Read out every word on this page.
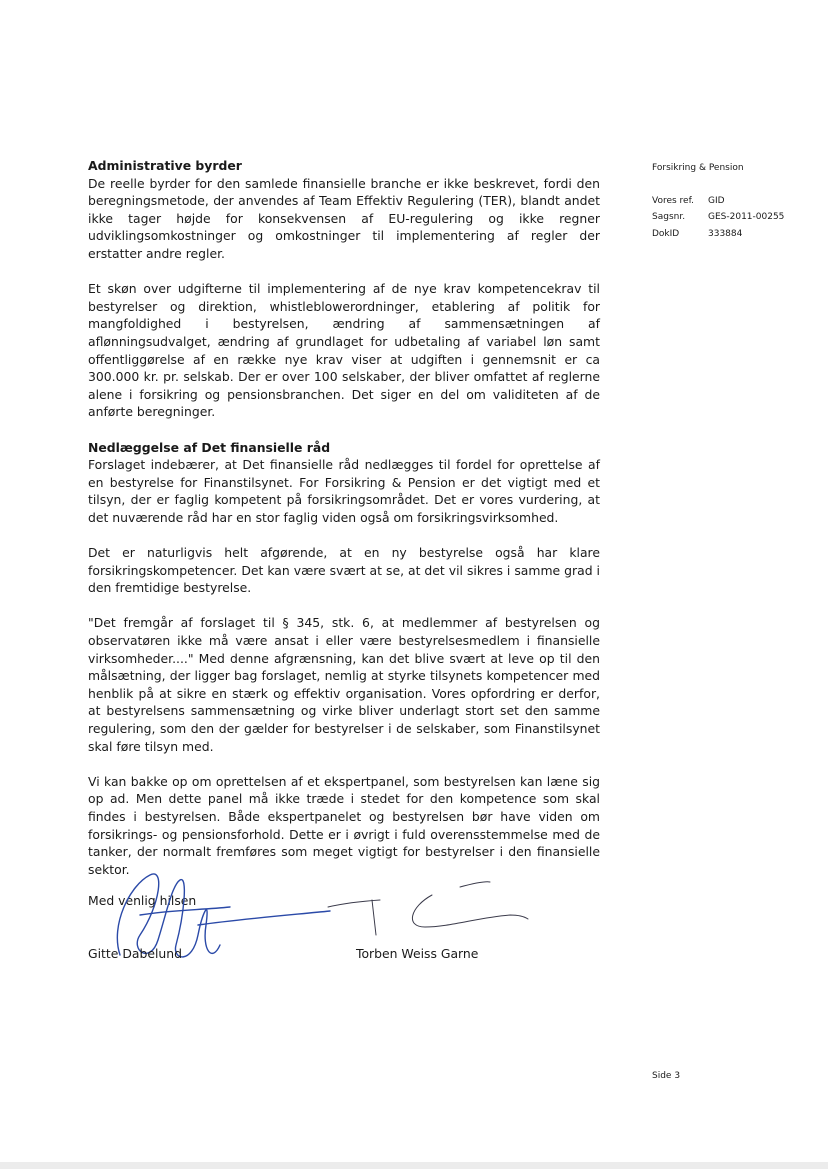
Administrative byrder

De reelle byrder for den samlede finansielle branche er ikke beskrevet, fordi den beregningsmetode, der anvendes af Team Effektiv Regulering (TER), blandt andet ikke tager højde for konsekvensen af EU-regulering og ikke regner udviklingsomkostninger og omkostninger til implementering af regler der erstatter andre regler.

Et skøn over udgifterne til implementering af de nye krav kompetencekrav til bestyrelser og direktion, whistleblowerordninger, etablering af politik for mangfoldighed i bestyrelsen, ændring af sammensætningen af aflønningsudvalget, ændring af grundlaget for udbetaling af variabel løn samt offentliggørelse af en række nye krav viser at udgiften i gennemsnit er ca 300.000 kr. pr. selskab. Der er over 100 selskaber, der bliver omfattet af reglerne alene i forsikring og pensionsbranchen. Det siger en del om validiteten af de anførte beregninger.

Nedlæggelse af Det finansielle råd

Forslaget indebærer, at Det finansielle råd nedlægges til fordel for oprettelse af en bestyrelse for Finanstilsynet. For Forsikring & Pension er det vigtigt med et tilsyn, der er faglig kompetent på forsikringsområdet. Det er vores vurdering, at det nuværende råd har en stor faglig viden også om forsikringsvirksomhed.

Det er naturligvis helt afgørende, at en ny bestyrelse også har klare forsikringskompetencer. Det kan være svært at se, at det vil sikres i samme grad i den fremtidige bestyrelse.

"Det fremgår af forslaget til § 345, stk. 6, at medlemmer af bestyrelsen og observatøren ikke må være ansat i eller være bestyrelsesmedlem i finansielle virksomheder...." Med denne afgrænsning, kan det blive svært at leve op til den målsætning, der ligger bag forslaget, nemlig at styrke tilsynets kompetencer med henblik på at sikre en stærk og effektiv organisation. Vores opfordring er derfor, at bestyrelsens sammensætning og virke bliver underlagt stort set den samme regulering, som den der gælder for bestyrelser i de selskaber, som Finanstilsynet skal føre tilsyn med.

Vi kan bakke op om oprettelsen af et ekspertpanel, som bestyrelsen kan læne sig op ad. Men dette panel må ikke træde i stedet for den kompetence som skal findes i bestyrelsen. Både ekspertpanelet og bestyrelsen bør have viden om forsikrings- og pensionsforhold. Dette er i øvrigt i fuld overensstemmelse med de tanker, der normalt fremføres som meget vigtigt for bestyrelser i den finansielle sektor.

Forsikring & Pension
Vores ref.	GID
Sagsnr.	GES-2011-00255
DokID	333884
Med venlig hilsen
Gitte Dabelund	Torben Weiss Garne
Side 3
